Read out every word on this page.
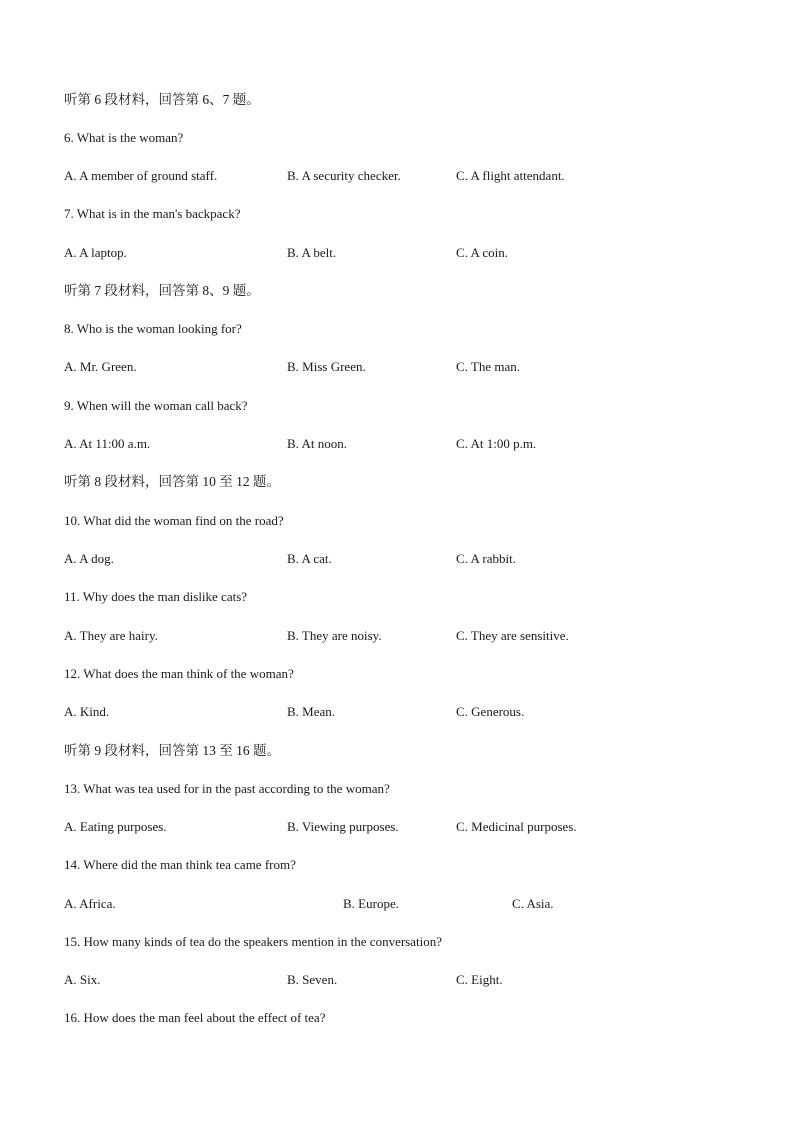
听第 6 段材料，回答第 6、7 题。
6. What is the woman?
A. A member of ground staff.	B. A security checker.	C. A flight attendant.
7. What is in the man's backpack?
A. A laptop.	B. A belt.	C. A coin.
听第 7 段材料，回答第 8、9 题。
8. Who is the woman looking for?
A. Mr. Green.	B. Miss Green.	C. The man.
9. When will the woman call back?
A. At 11:00 a.m.	B. At noon.	C. At 1:00 p.m.
听第 8 段材料，回答第 10 至 12 题。
10. What did the woman find on the road?
A. A dog.	B. A cat.	C. A rabbit.
11. Why does the man dislike cats?
A. They are hairy.	B. They are noisy.	C. They are sensitive.
12. What does the man think of the woman?
A. Kind.	B. Mean.	C. Generous.
听第 9 段材料，回答第 13 至 16 题。
13. What was tea used for in the past according to the woman?
A. Eating purposes.	B. Viewing purposes.	C. Medicinal purposes.
14. Where did the man think tea came from?
A. Africa.	B. Europe.	C. Asia.
15. How many kinds of tea do the speakers mention in the conversation?
A. Six.	B. Seven.	C. Eight.
16. How does the man feel about the effect of tea?
